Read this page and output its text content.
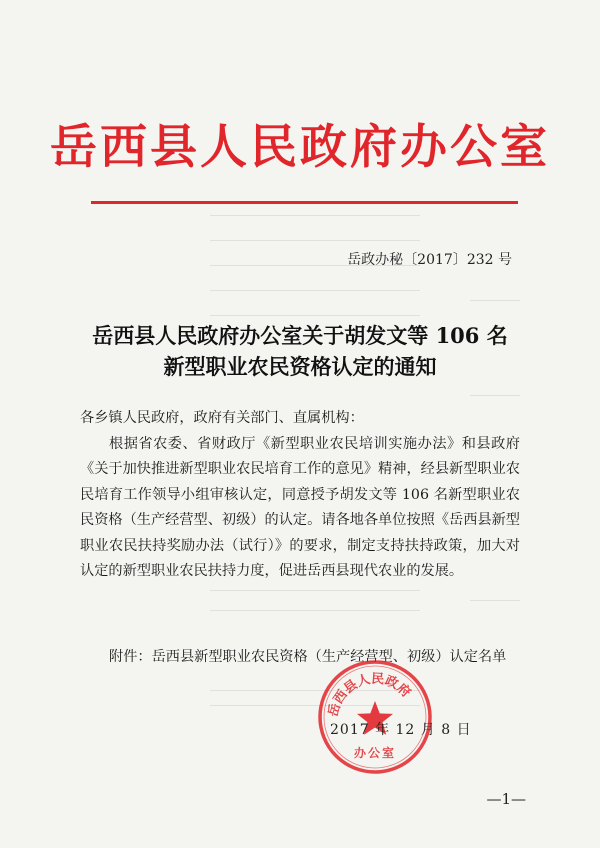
岳西县人民政府办公室
岳政办秘〔2017〕232 号
岳西县人民政府办公室关于胡发文等 106 名
新型职业农民资格认定的通知
各乡镇人民政府，政府有关部门、直属机构：
根据省农委、省财政厅《新型职业农民培训实施办法》和县政府《关于加快推进新型职业农民培育工作的意见》精神，经县新型职业农民培育工作领导小组审核认定，同意授予胡发文等 106 名新型职业农民资格（生产经营型、初级）的认定。请各地各单位按照《岳西县新型职业农民扶持奖励办法（试行）》的要求，制定支持扶持政策，加大对认定的新型职业农民扶持力度，促进岳西县现代农业的发展。
附件：岳西县新型职业农民资格（生产经营型、初级）认定名单
岳西县人民政府
办公室
2017 年 12 月 8 日
—1—
